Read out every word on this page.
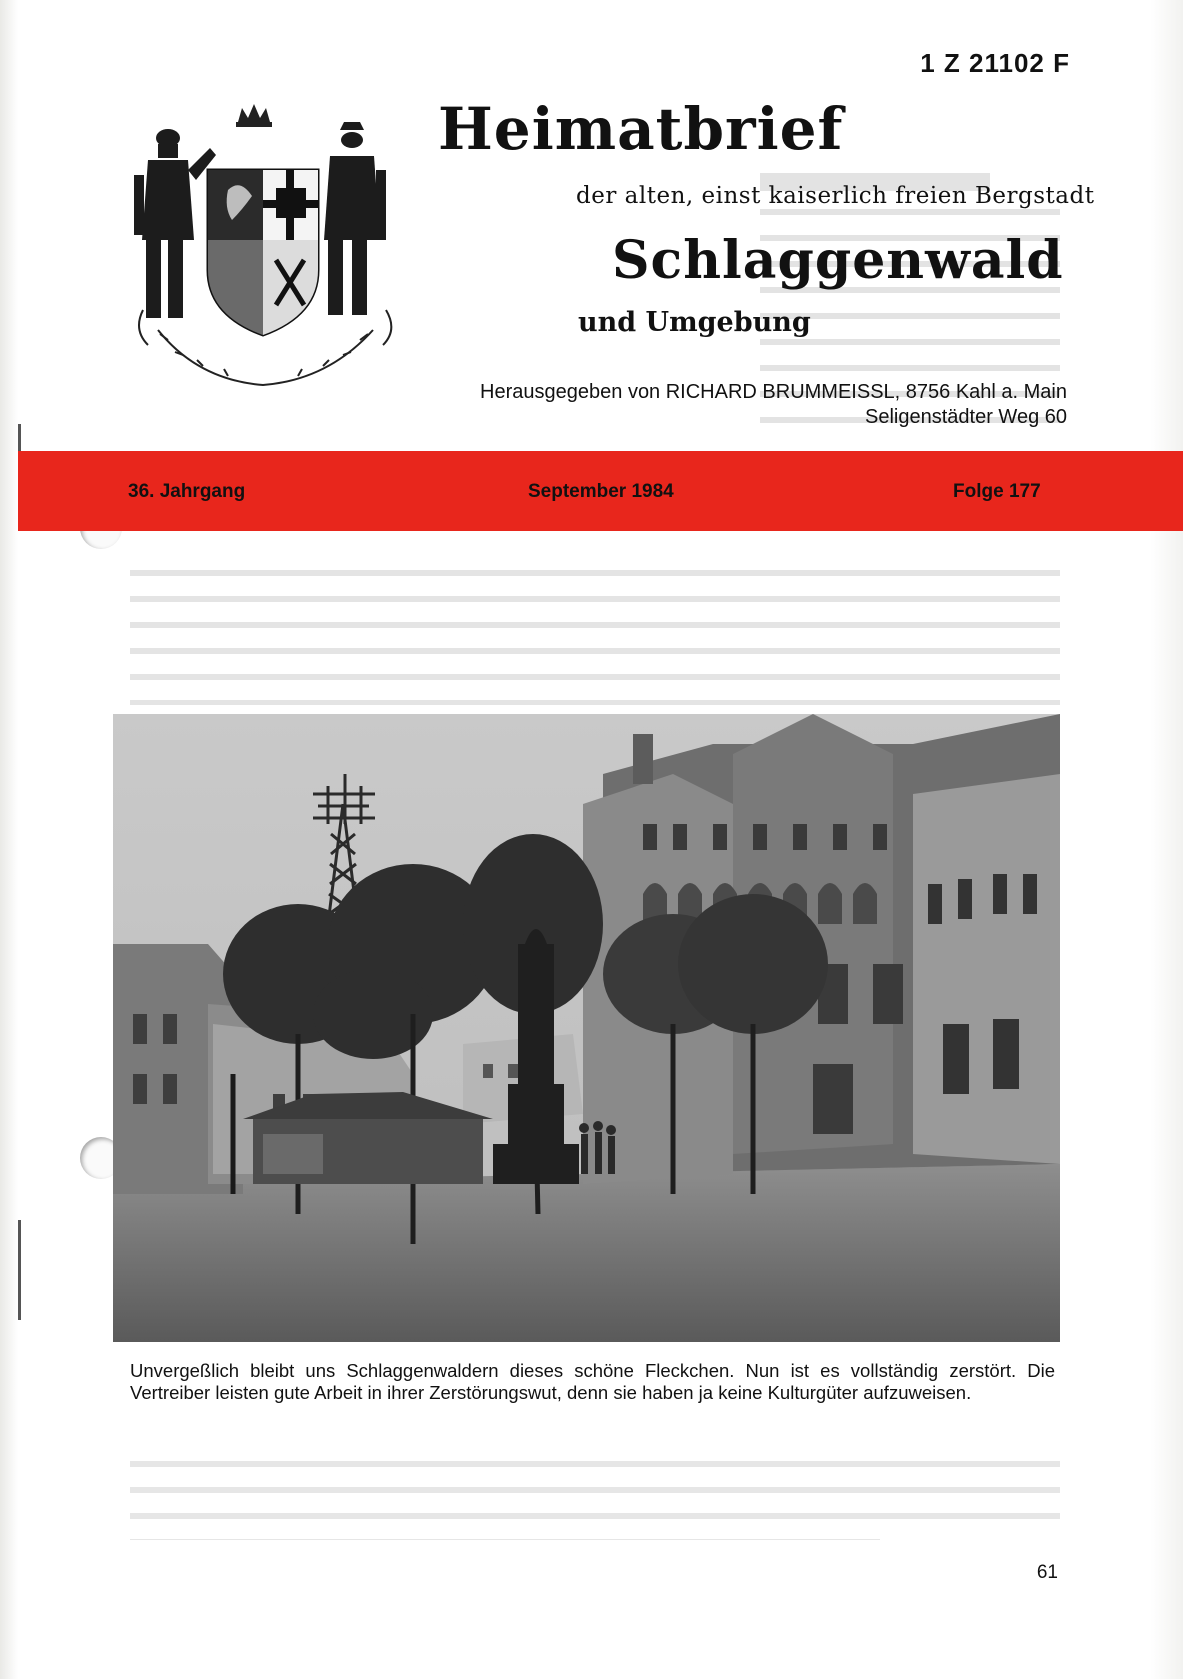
1 Z 21102 F
Heimatbrief
der alten, einst kaiserlich freien Bergstadt
Schlaggenwald
und Umgebung
Herausgegeben von RICHARD BRUMMEISSL, 8756 Kahl a. Main
Seligenstädter Weg 60
36. Jahrgang	September 1984	Folge 177
Unvergeßlich bleibt uns Schlaggenwaldern dieses schöne Fleckchen. Nun ist es vollständig zerstört. Die Vertreiber leisten gute Arbeit in ihrer Zerstörungswut, denn sie haben ja keine Kulturgüter aufzuweisen.
61
